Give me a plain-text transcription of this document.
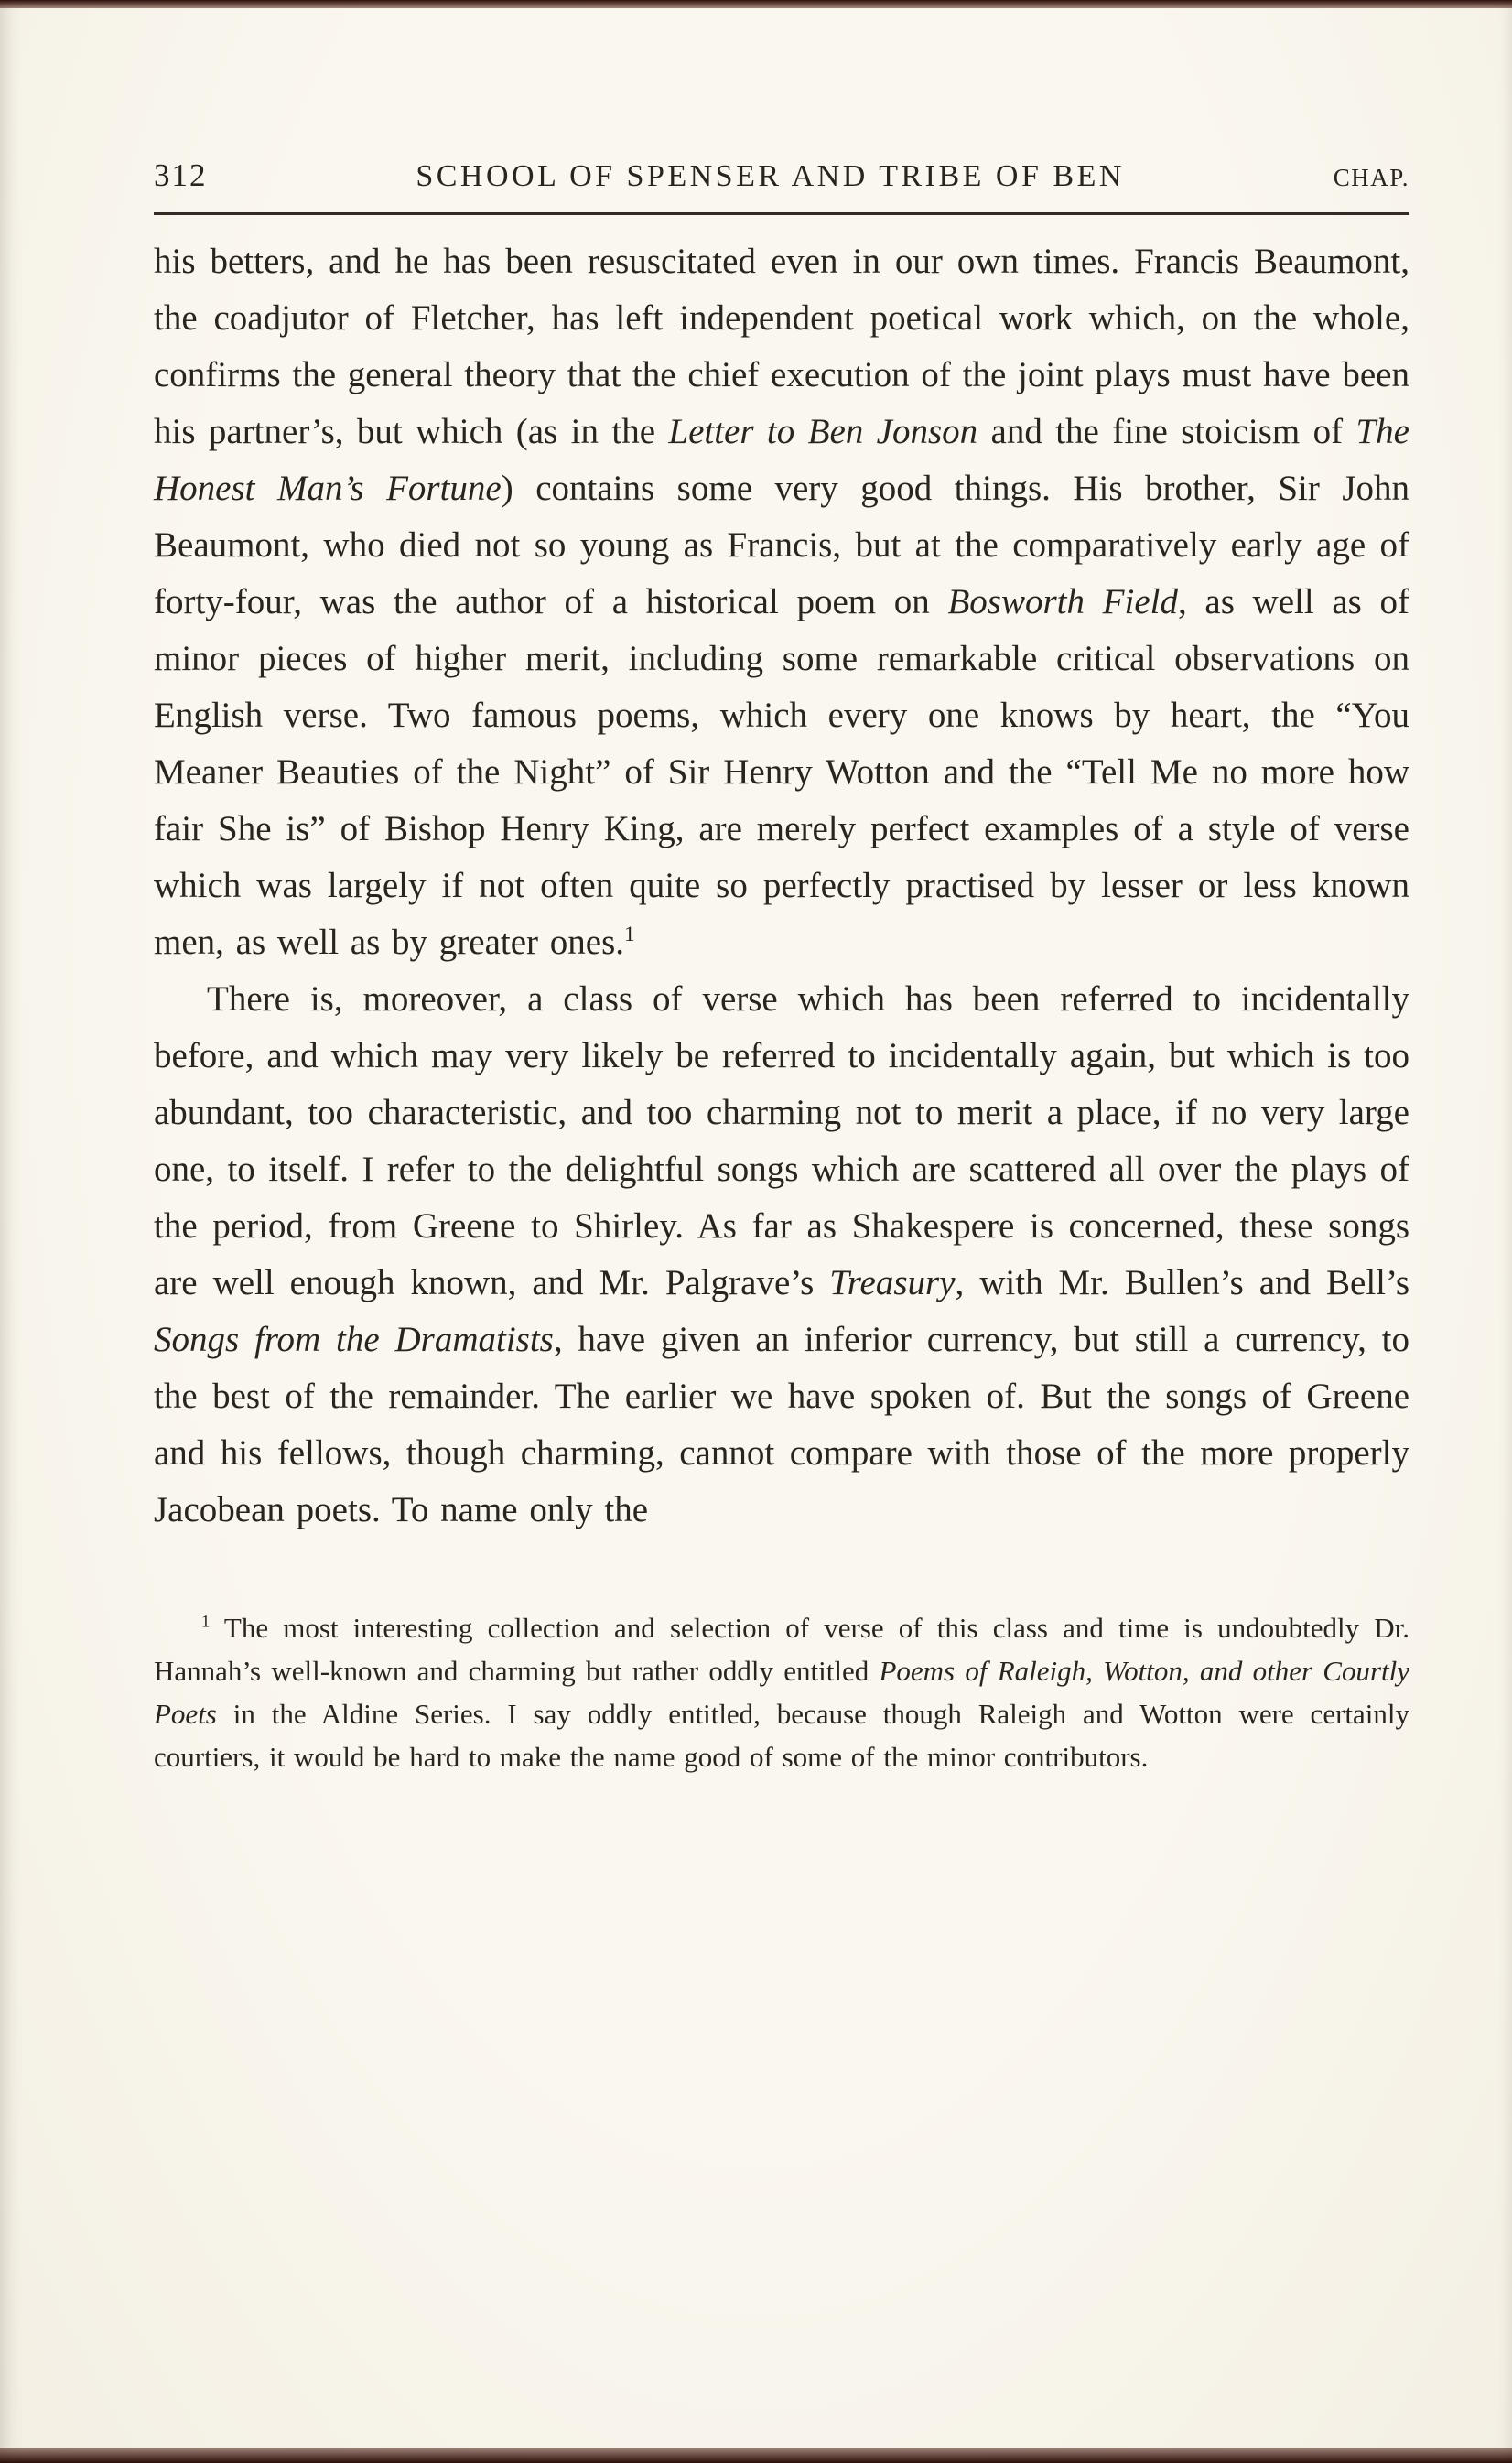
312	SCHOOL OF SPENSER AND TRIBE OF BEN	CHAP.

his betters, and he has been resuscitated even in our own times. Francis Beaumont, the coadjutor of Fletcher, has left independent poetical work which, on the whole, confirms the general theory that the chief execution of the joint plays must have been his partner’s, but which (as in the Letter to Ben Jonson and the fine stoicism of The Honest Man’s Fortune) contains some very good things. His brother, Sir John Beaumont, who died not so young as Francis, but at the comparatively early age of forty-four, was the author of a historical poem on Bosworth Field, as well as of minor pieces of higher merit, including some remarkable critical observations on English verse. Two famous poems, which every one knows by heart, the “You Meaner Beauties of the Night” of Sir Henry Wotton and the “Tell Me no more how fair She is” of Bishop Henry King, are merely perfect examples of a style of verse which was largely if not often quite so perfectly practised by lesser or less known men, as well as by greater ones.$^1$

There is, moreover, a class of verse which has been referred to incidentally before, and which may very likely be referred to incidentally again, but which is too abundant, too characteristic, and too charming not to merit a place, if no very large one, to itself. I refer to the delightful songs which are scattered all over the plays of the period, from Greene to Shirley. As far as Shakespere is concerned, these songs are well enough known, and Mr. Palgrave’s Treasury, with Mr. Bullen’s and Bell’s Songs from the Dramatists, have given an inferior currency, but still a currency, to the best of the remainder. The earlier we have spoken of. But the songs of Greene and his fellows, though charming, cannot compare with those of the more properly Jacobean poets. To name only the

$^1$ The most interesting collection and selection of verse of this class and time is undoubtedly Dr. Hannah’s well-known and charming but rather oddly entitled Poems of Raleigh, Wotton, and other Courtly Poets in the Aldine Series. I say oddly entitled, because though Raleigh and Wotton were certainly courtiers, it would be hard to make the name good of some of the minor contributors.
